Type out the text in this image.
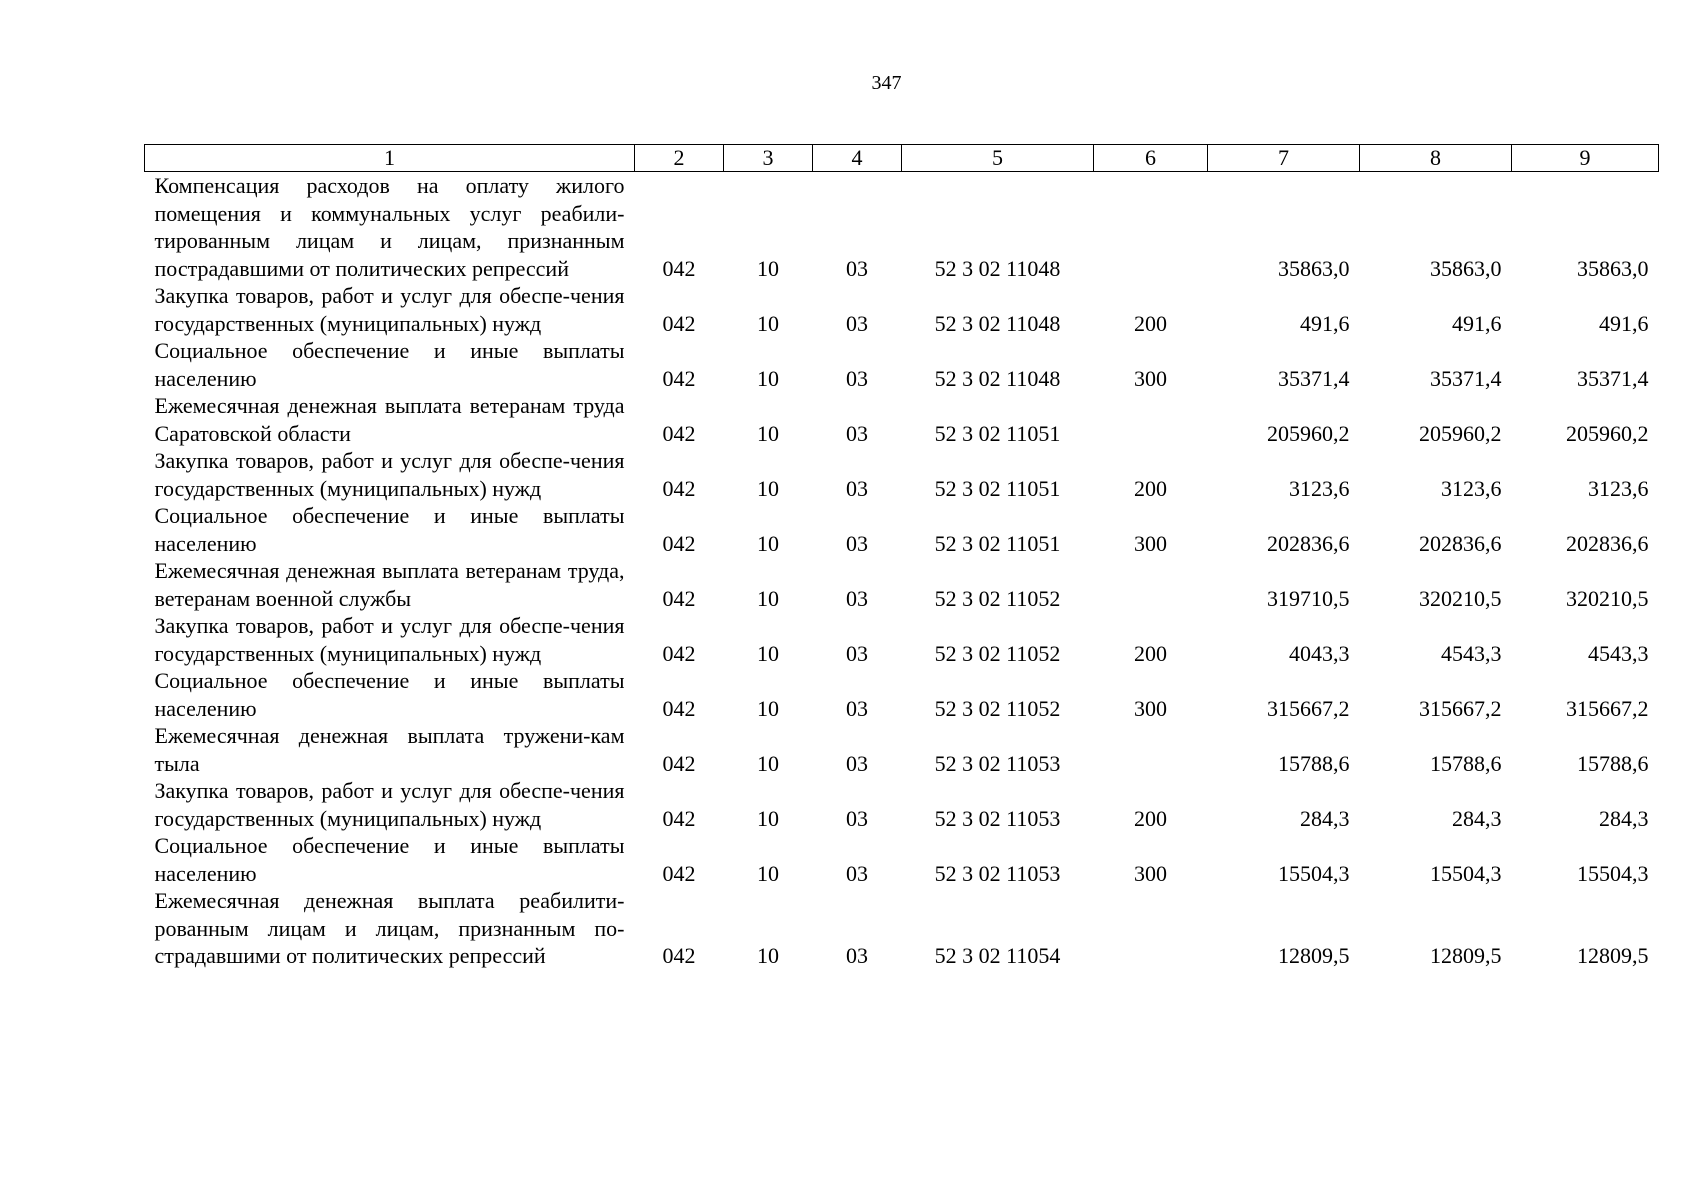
347
1	2	3	4	5	6	7	8	9
Компенсация расходов на оплату жилого помещения и коммунальных услуг реабили-тированным лицам и лицам, признанным пострадавшими от политических репрессий	042	10	03	52 3 02 11048		35863,0	35863,0	35863,0
Закупка товаров, работ и услуг для обеспе-чения государственных (муниципальных) нужд	042	10	03	52 3 02 11048	200	491,6	491,6	491,6
Социальное обеспечение и иные выплаты населению	042	10	03	52 3 02 11048	300	35371,4	35371,4	35371,4
Ежемесячная денежная выплата ветеранам труда Саратовской области	042	10	03	52 3 02 11051		205960,2	205960,2	205960,2
Закупка товаров, работ и услуг для обеспе-чения государственных (муниципальных) нужд	042	10	03	52 3 02 11051	200	3123,6	3123,6	3123,6
Социальное обеспечение и иные выплаты населению	042	10	03	52 3 02 11051	300	202836,6	202836,6	202836,6
Ежемесячная денежная выплата ветеранам труда, ветеранам военной службы	042	10	03	52 3 02 11052		319710,5	320210,5	320210,5
Закупка товаров, работ и услуг для обеспе-чения государственных (муниципальных) нужд	042	10	03	52 3 02 11052	200	4043,3	4543,3	4543,3
Социальное обеспечение и иные выплаты населению	042	10	03	52 3 02 11052	300	315667,2	315667,2	315667,2
Ежемесячная денежная выплата тружени-кам тыла	042	10	03	52 3 02 11053		15788,6	15788,6	15788,6
Закупка товаров, работ и услуг для обеспе-чения государственных (муниципальных) нужд	042	10	03	52 3 02 11053	200	284,3	284,3	284,3
Социальное обеспечение и иные выплаты населению	042	10	03	52 3 02 11053	300	15504,3	15504,3	15504,3
Ежемесячная денежная выплата реабилити-рованным лицам и лицам, признанным по-страдавшими от политических репрессий	042	10	03	52 3 02 11054		12809,5	12809,5	12809,5
